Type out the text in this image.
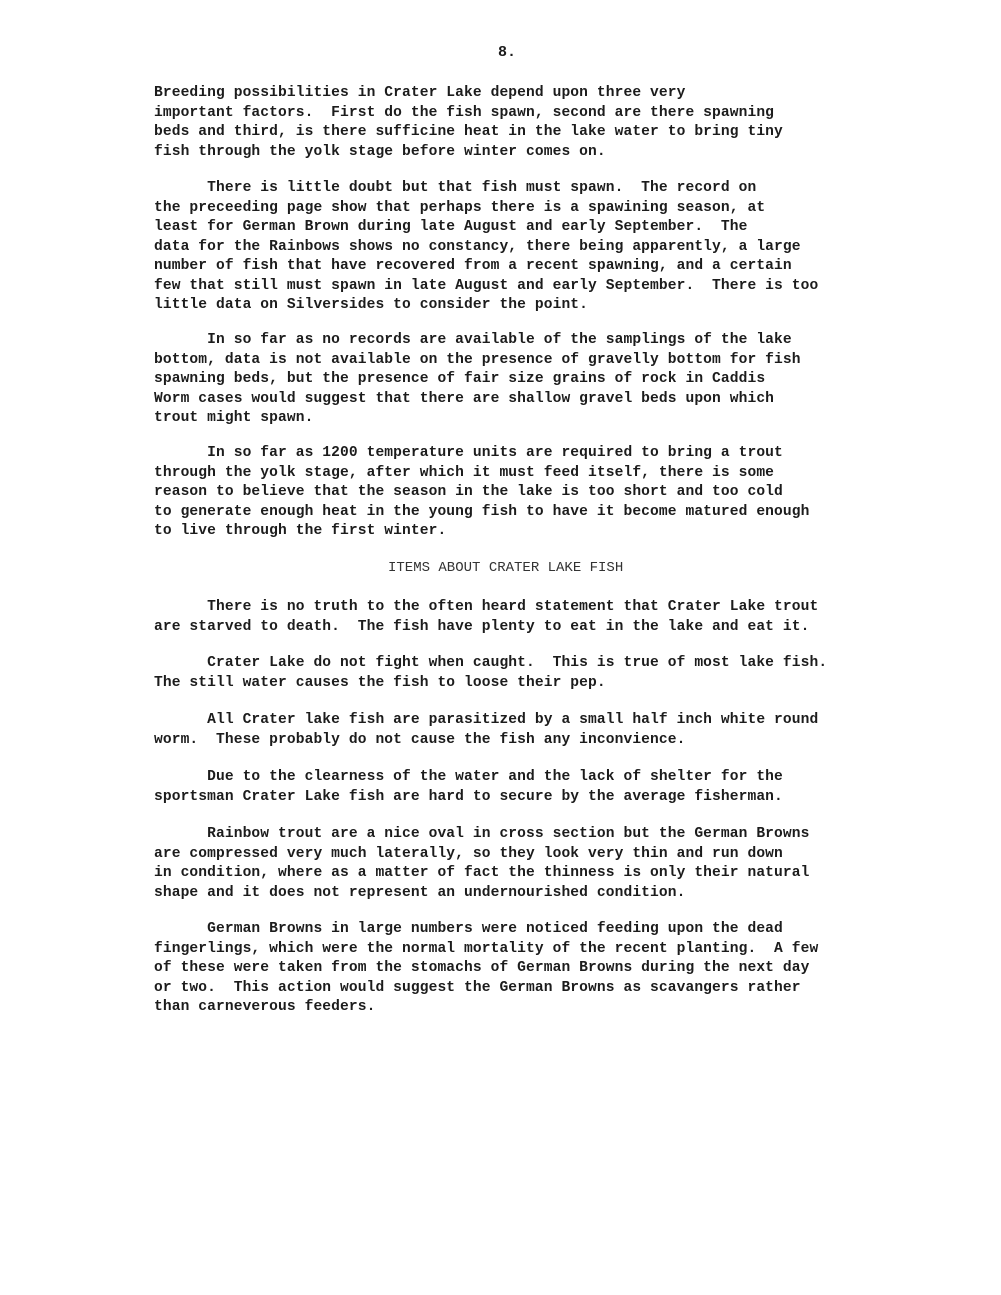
8.

Breeding possibilities in Crater Lake depend upon three very
important factors.  First do the fish spawn, second are there spawning
beds and third, is there sufficine heat in the lake water to bring tiny
fish through the yolk stage before winter comes on.

There is little doubt but that fish must spawn.  The record on
the preceeding page show that perhaps there is a spawining season, at
least for German Brown during late August and early September.  The
data for the Rainbows shows no constancy, there being apparently, a large
number of fish that have recovered from a recent spawning, and a certain
few that still must spawn in late August and early September.  There is too
little data on Silversides to consider the point.

In so far as no records are available of the samplings of the lake
bottom, data is not available on the presence of gravelly bottom for fish
spawning beds, but the presence of fair size grains of rock in Caddis
Worm cases would suggest that there are shallow gravel beds upon which
trout might spawn.

In so far as 1200 temperature units are required to bring a trout
through the yolk stage, after which it must feed itself, there is some
reason to believe that the season in the lake is too short and too cold
to generate enough heat in the young fish to have it become matured enough
to live through the first winter.

ITEMS ABOUT CRATER LAKE FISH

There is no truth to the often heard statement that Crater Lake trout
are starved to death.  The fish have plenty to eat in the lake and eat it.

Crater Lake do not fight when caught.  This is true of most lake fish.
The still water causes the fish to loose their pep.

All Crater lake fish are parasitized by a small half inch white round
worm.  These probably do not cause the fish any inconvience.

Due to the clearness of the water and the lack of shelter for the
sportsman Crater Lake fish are hard to secure by the average fisherman.

Rainbow trout are a nice oval in cross section but the German Browns
are compressed very much laterally, so they look very thin and run down
in condition, where as a matter of fact the thinness is only their natural
shape and it does not represent an undernourished condition.

German Browns in large numbers were noticed feeding upon the dead
fingerlings, which were the normal mortality of the recent planting.  A few
of these were taken from the stomachs of German Browns during the next day
or two.  This action would suggest the German Browns as scavangers rather
than carneverous feeders.
